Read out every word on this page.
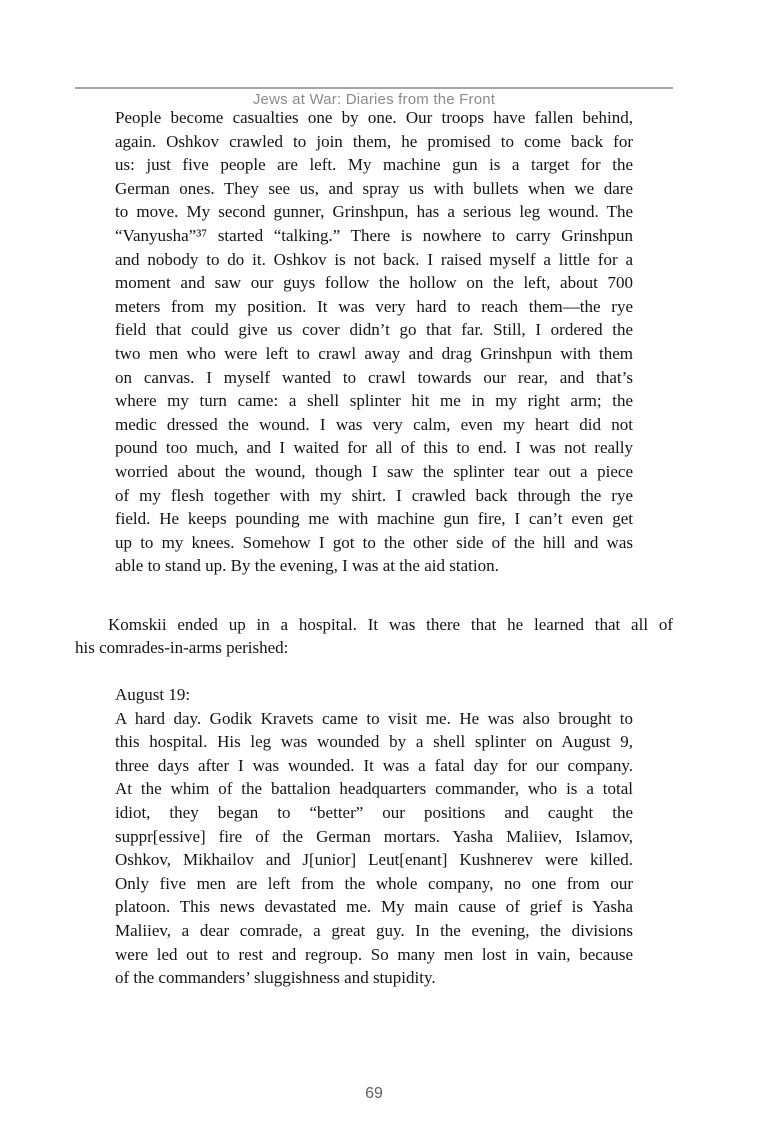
Jews at War: Diaries from the Front
People become casualties one by one. Our troops have fallen behind,
again. Oshkov crawled to join them, he promised to come back for
us: just five people are left. My machine gun is a target for the
German ones. They see us, and spray us with bullets when we dare
to move. My second gunner, Grinshpun, has a serious leg wound. The
“Vanyusha”³⁷ started “talking.” There is nowhere to carry Grinshpun
and nobody to do it. Oshkov is not back. I raised myself a little for a
moment and saw our guys follow the hollow on the left, about 700
meters from my position. It was very hard to reach them—the rye
field that could give us cover didn’t go that far. Still, I ordered the
two men who were left to crawl away and drag Grinshpun with them
on canvas. I myself wanted to crawl towards our rear, and that’s
where my turn came: a shell splinter hit me in my right arm; the
medic dressed the wound. I was very calm, even my heart did not
pound too much, and I waited for all of this to end. I was not really
worried about the wound, though I saw the splinter tear out a piece
of my flesh together with my shirt. I crawled back through the rye
field. He keeps pounding me with machine gun fire, I can’t even get
up to my knees. Somehow I got to the other side of the hill and was
able to stand up. By the evening, I was at the aid station.
Komskii ended up in a hospital. It was there that he learned that all of
his comrades-in-arms perished:
August 19:
A hard day. Godik Kravets came to visit me. He was also brought to
this hospital. His leg was wounded by a shell splinter on August 9,
three days after I was wounded. It was a fatal day for our company.
At the whim of the battalion headquarters commander, who is a total
idiot, they began to “better” our positions and caught the
suppr[essive] fire of the German mortars. Yasha Maliiev, Islamov,
Oshkov, Mikhailov and J[unior] Leut[enant] Kushnerev were killed.
Only five men are left from the whole company, no one from our
platoon. This news devastated me. My main cause of grief is Yasha
Maliiev, a dear comrade, a great guy. In the evening, the divisions
were led out to rest and regroup. So many men lost in vain, because
of the commanders’ sluggishness and stupidity.
69
